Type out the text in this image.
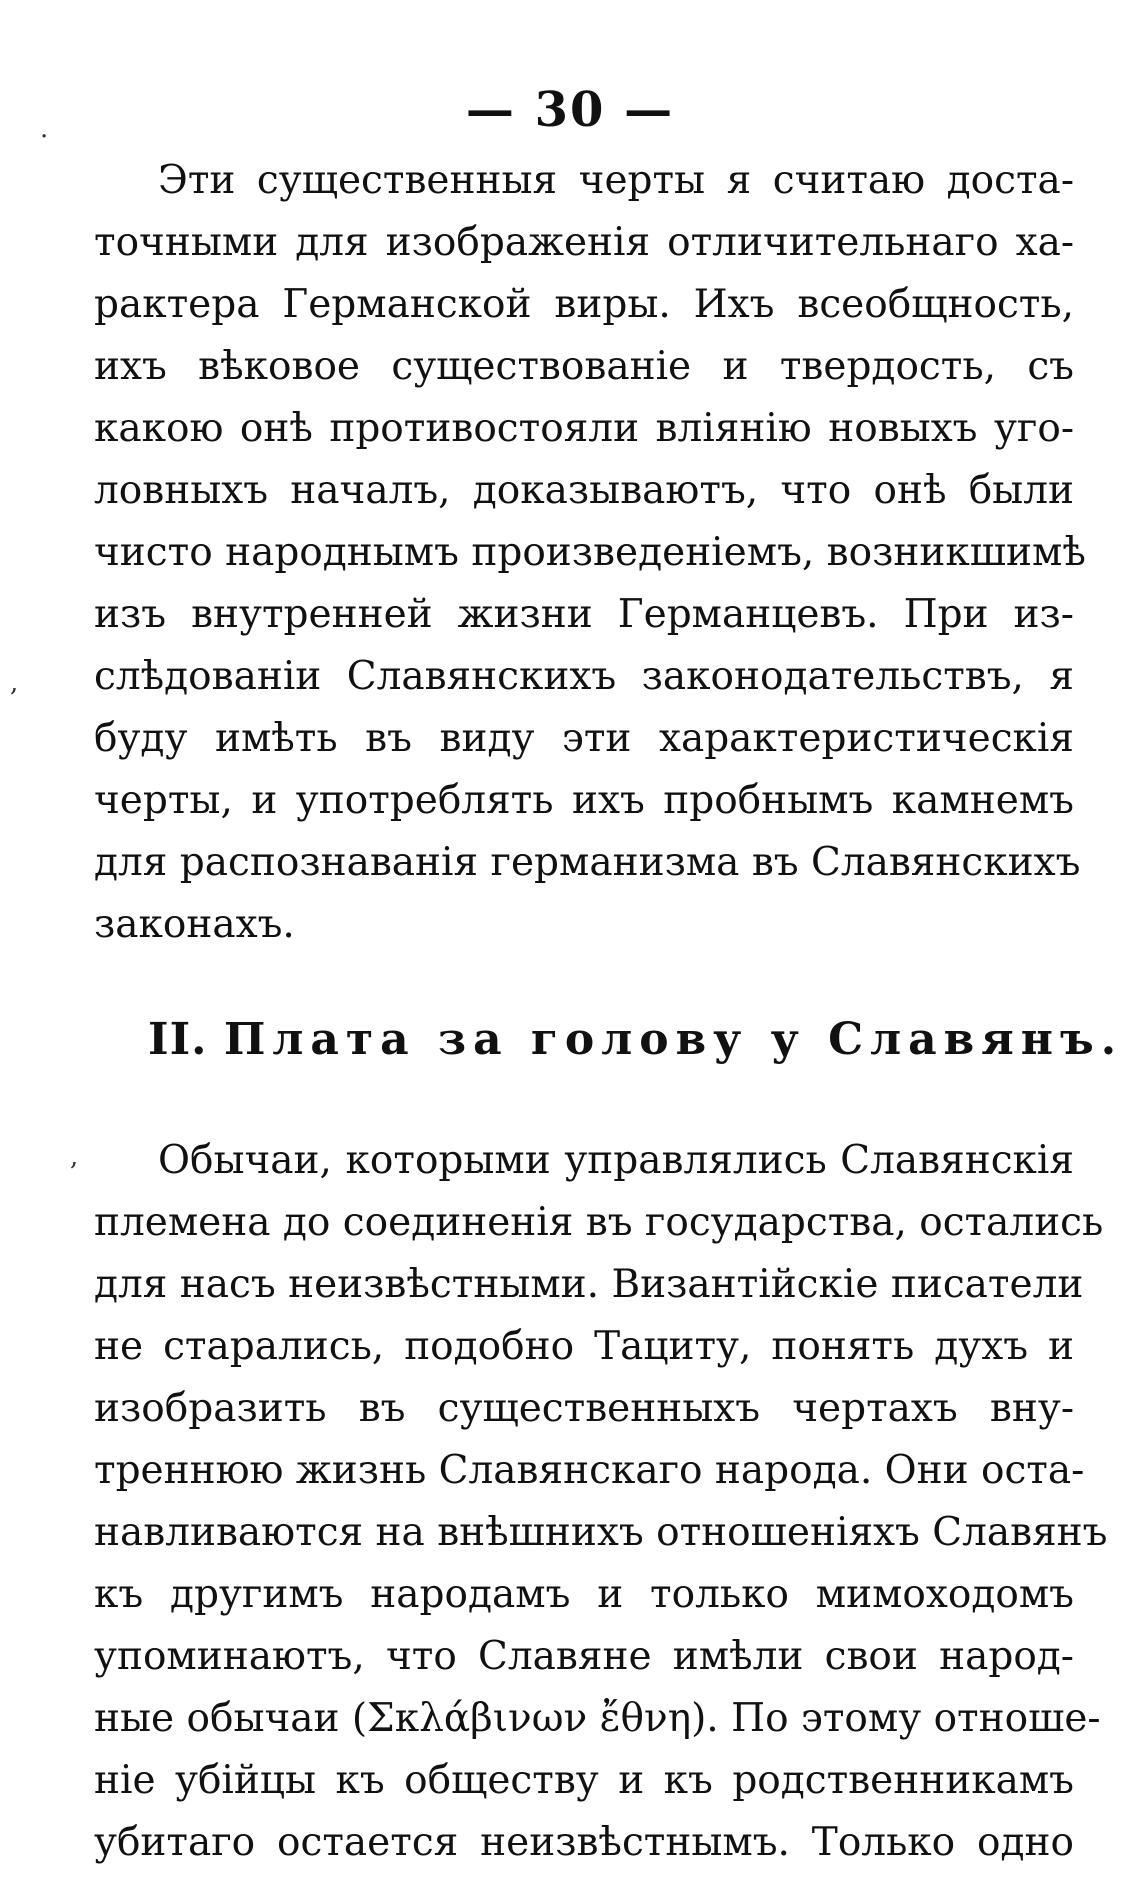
— 30 —
·
,
,
Эти существенныя черты я считаю доста-
точными для изображенія отличительнаго ха-
рактера Германской виры. Ихъ всеобщность,
ихъ вѣковое существованіе и твердость, съ
какою онѣ противостояли вліянію новыхъ уго-
ловныхъ началъ, доказываютъ, что онѣ были
чисто народнымъ произведеніемъ, возникшимѣ
изъ внутренней жизни Германцевъ. При из-
слѣдованіи Славянскихъ законодательствъ, я
буду имѣть въ виду эти характеристическія
черты, и употреблять ихъ пробнымъ камнемъ
для распознаванія германизма въ Славянскихъ
законахъ.
II. Плата за голову у Славянъ.
Обычаи, которыми управлялись Славянскія
племена до соединенія въ государства, остались
для насъ неизвѣстными. Византійскіе писатели
не старались, подобно Тациту, понять духъ и
изобразить въ существенныхъ чертахъ вну-
треннюю жизнь Славянскаго народа. Они оста-
навливаются на внѣшнихъ отношеніяхъ Славянъ
къ другимъ народамъ и только мимоходомъ
упоминаютъ, что Славяне имѣли свои народ-
ные обычаи (Σκλάβινων ἔθνη). По этому отноше-
ніе убійцы къ обществу и къ родственникамъ
убитаго остается неизвѣстнымъ. Только одно
